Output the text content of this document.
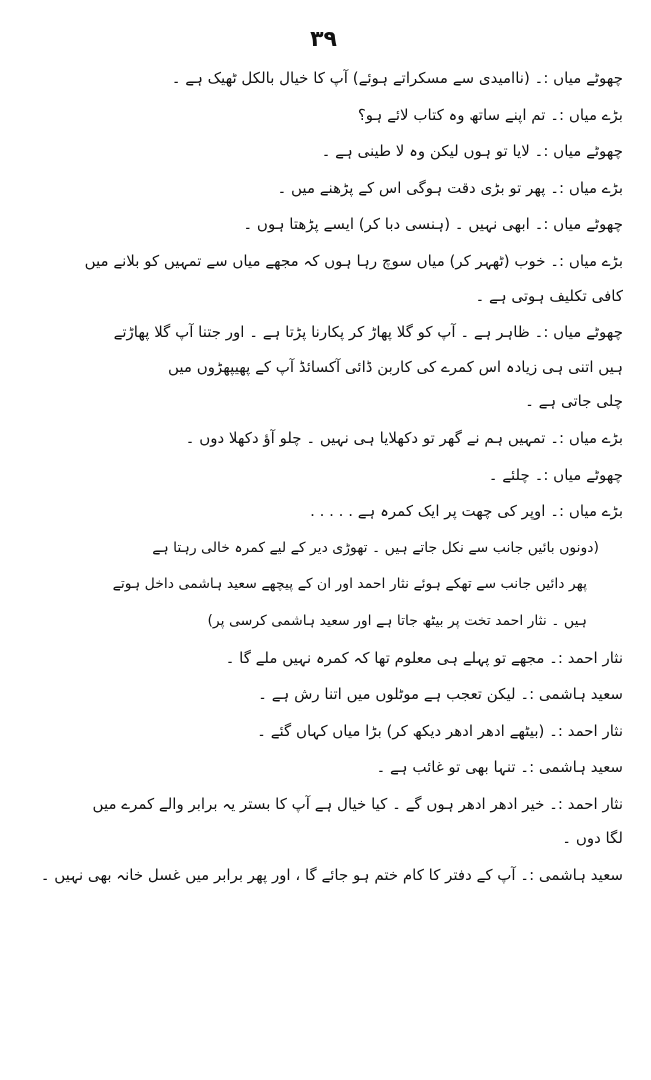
۳۹
چھوٹے میاں :۔ (ناامیدی سے مسکراتے ہوئے) آپ کا خیال بالکل ٹھیک ہے ۔
بڑے میاں :۔ تم اپنے ساتھ وہ کتاب لائے ہو؟
چھوٹے میاں :۔ لایا تو ہوں لیکن وہ لا طینی ہے ۔
بڑے میاں :۔ پھر تو بڑی دقت ہوگی اس کے پڑھنے میں ۔
چھوٹے میاں :۔ ابھی نہیں ۔ (ہنسی دبا کر) ایسے پڑھتا ہوں ۔
بڑے میاں :۔ خوب (ٹھہر کر) میاں سوچ رہا ہوں کہ مجھے میاں سے تمہیں کو بلانے میں
کافی تکلیف ہوتی ہے ۔
چھوٹے میاں :۔ ظاہر ہے ۔ آپ کو گلا پھاڑ کر پکارنا پڑتا ہے ۔ اور جتنا آپ گلا پھاڑتے
ہیں اتنی ہی زیادہ اس کمرے کی کاربن ڈائی آکسائڈ آپ کے پھیپھڑوں میں
چلی جاتی ہے ۔
بڑے میاں :۔ تمہیں ہم نے گھر تو دکھلایا ہی نہیں ۔ چلو آؤ دکھلا دوں ۔
چھوٹے میاں :۔ چلئے ۔
بڑے میاں :۔ اوپر کی چھت پر ایک کمرہ ہے . . . . .
(دونوں بائیں جانب سے نکل جاتے ہیں ۔ تھوڑی دیر کے لیے کمرہ خالی رہتا ہے
پھر دائیں جانب سے تھکے ہوئے نثار احمد اور ان کے پیچھے سعید ہاشمی داخل ہوتے
ہیں ۔ نثار احمد تخت پر بیٹھ جاتا ہے اور سعید ہاشمی کرسی پر)
نثار احمد :۔ مجھے تو پہلے ہی معلوم تھا کہ کمرہ نہیں ملے گا ۔
سعید ہاشمی :۔ لیکن تعجب ہے موٹلوں میں اتنا رش ہے ۔
نثار احمد :۔ (بیٹھے ادھر ادھر دیکھ کر) بڑا میاں کہاں گئے ۔
سعید ہاشمی :۔ تنہا بھی تو غائب ہے ۔
نثار احمد :۔ خیر ادھر ادھر ہوں گے ۔ کیا خیال ہے آپ کا بستر یہ برابر والے کمرے میں
لگا دوں ۔
سعید ہاشمی :۔ آپ کے دفتر کا کام ختم ہو جائے گا ، اور پھر برابر میں غسل خانہ بھی نہیں ۔
